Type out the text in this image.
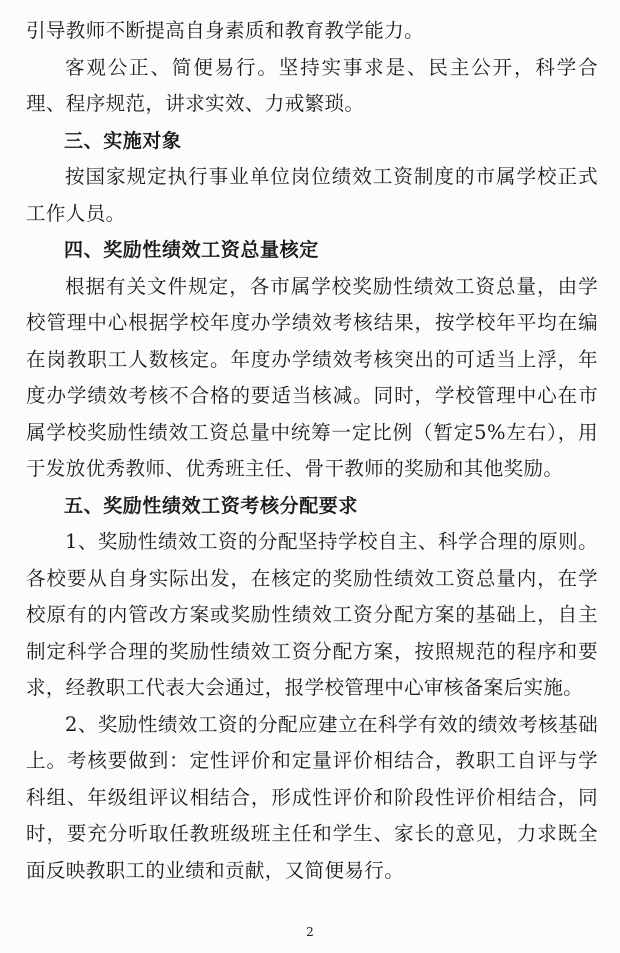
引导教师不断提高自身素质和教育教学能力。

客观公正、简便易行。坚持实事求是、民主公开，科学合理、程序规范，讲求实效、力戒繁琐。

三、实施对象

按国家规定执行事业单位岗位绩效工资制度的市属学校正式工作人员。

四、奖励性绩效工资总量核定

根据有关文件规定，各市属学校奖励性绩效工资总量，由学校管理中心根据学校年度办学绩效考核结果，按学校年平均在编在岗教职工人数核定。年度办学绩效考核突出的可适当上浮，年度办学绩效考核不合格的要适当核减。同时，学校管理中心在市属学校奖励性绩效工资总量中统筹一定比例（暂定5%左右），用于发放优秀教师、优秀班主任、骨干教师的奖励和其他奖励。

五、奖励性绩效工资考核分配要求

1、奖励性绩效工资的分配坚持学校自主、科学合理的原则。各校要从自身实际出发，在核定的奖励性绩效工资总量内，在学校原有的内管改方案或奖励性绩效工资分配方案的基础上，自主制定科学合理的奖励性绩效工资分配方案，按照规范的程序和要求，经教职工代表大会通过，报学校管理中心审核备案后实施。

2、奖励性绩效工资的分配应建立在科学有效的绩效考核基础上。考核要做到：定性评价和定量评价相结合，教职工自评与学科组、年级组评议相结合，形成性评价和阶段性评价相结合，同时，要充分听取任教班级班主任和学生、家长的意见，力求既全面反映教职工的业绩和贡献，又简便易行。

2
